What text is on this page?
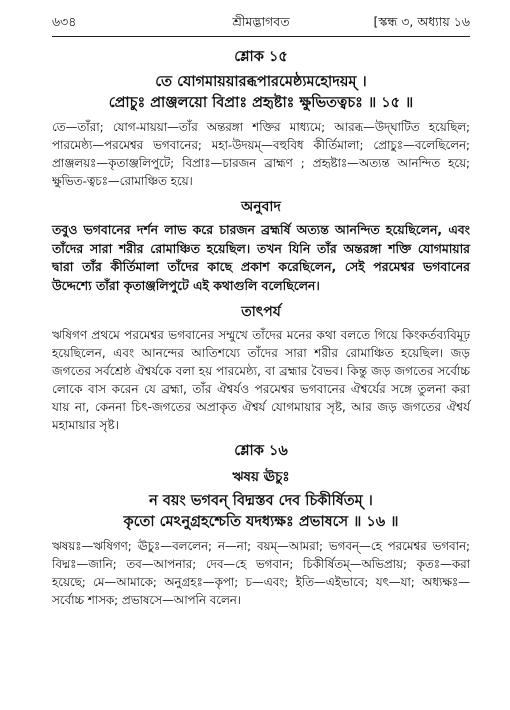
৬৩৪	শ্রীমদ্ভাগবত	[স্কন্ধ ৩, অধ্যায় ১৬
শ্লোক ১৫
তে যোগমায়য়ারব্ধপারমেষ্ঠ্যমহোদয়ম্ ।
প্রোচুঃ প্রাঞ্জলয়ো বিপ্রাঃ প্রহৃষ্টাঃ ক্ষুভিতত্বচঃ ॥ ১৫ ॥
তে—তাঁরা; যোগ-মায়য়া—তাঁর অন্তরঙ্গা শক্তির মাধ্যমে; আরব্ধ—উদ্‌ঘাটিত হয়েছিল; পারমেষ্ঠ্য—পরমেশ্বর ভগবানের; মহা-উদয়ম্—বহুবিধ কীর্তিমালা; প্রোচুঃ—বলেছিলেন; প্রাঞ্জলয়ঃ—কৃতাঞ্জলিপুটে; বিপ্রাঃ—চারজন ব্রাহ্মণ ; প্রহৃষ্টাঃ—অত্যন্ত আনন্দিত হয়ে; ক্ষুভিত-ত্বচঃ—রোমাঞ্চিত হয়ে।
অনুবাদ
তবুও ভগবানের দর্শন লাভ করে চারজন ব্রহ্মর্ষি অত্যন্ত আনন্দিত হয়েছিলেন, এবং তাঁদের সারা শরীর রোমাঞ্চিত হয়েছিল। তখন যিনি তাঁর অন্তরঙ্গা শক্তি যোগমায়ার দ্বারা তাঁর কীর্তিমালা তাঁদের কাছে প্রকাশ করেছিলেন, সেই পরমেশ্বর ভগবানের উদ্দেশ্যে তাঁরা কৃতাঞ্জলিপুটে এই কথাগুলি বলেছিলেন।
তাৎপর্য
ঋষিগণ প্রথমে পরমেশ্বর ভগবানের সম্মুখে তাঁদের মনের কথা বলতে গিয়ে কিংকর্তব্যবিমূঢ় হয়েছিলেন, এবং আনন্দের আতিশয্যে তাঁদের সারা শরীর রোমাঞ্চিত হয়েছিল। জড় জগতের সর্বশ্রেষ্ঠ ঐশ্বর্যকে বলা হয় পারমেষ্ঠ্য, বা ব্রহ্মার বৈভব। কিন্তু জড় জগতের সর্বোচ্চ লোকে বাস করেন যে ব্রহ্মা, তাঁর ঐশ্বর্যও পরমেশ্বর ভগবানের ঐশ্বর্যের সঙ্গে তুলনা করা যায় না, কেননা চিৎ-জগতের অপ্রাকৃত ঐশ্বর্য যোগমায়ার সৃষ্ট, আর জড় জগতের ঐশ্বর্য মহামায়ার সৃষ্ট।
শ্লোক ১৬
ঋষয় ঊচুঃ
ন বয়ং ভগবন্ বিদ্মস্তব দেব চিকীর্ষিতম্ ।
কৃতো মেঽনুগ্রহশ্চেতি যদধ্যক্ষঃ প্রভাষসে ॥ ১৬ ॥
ঋষয়ঃ—ঋষিগণ; ঊচুঃ—বললেন; ন—না; বয়ম্—আমরা; ভগবন্—হে পরমেশ্বর ভগবান; বিদ্মঃ—জানি; তব—আপনার; দেব—হে ভগবান; চিকীর্ষিতম্—অভিপ্রায়; কৃতঃ—করা হয়েছে; মে—আমাকে; অনুগ্রহঃ—কৃপা; চ—এবং; ইতি—এইভাবে; যৎ—যা; অধ্যক্ষঃ—সর্বোচ্চ শাসক; প্রভাষসে—আপনি বলেন।
